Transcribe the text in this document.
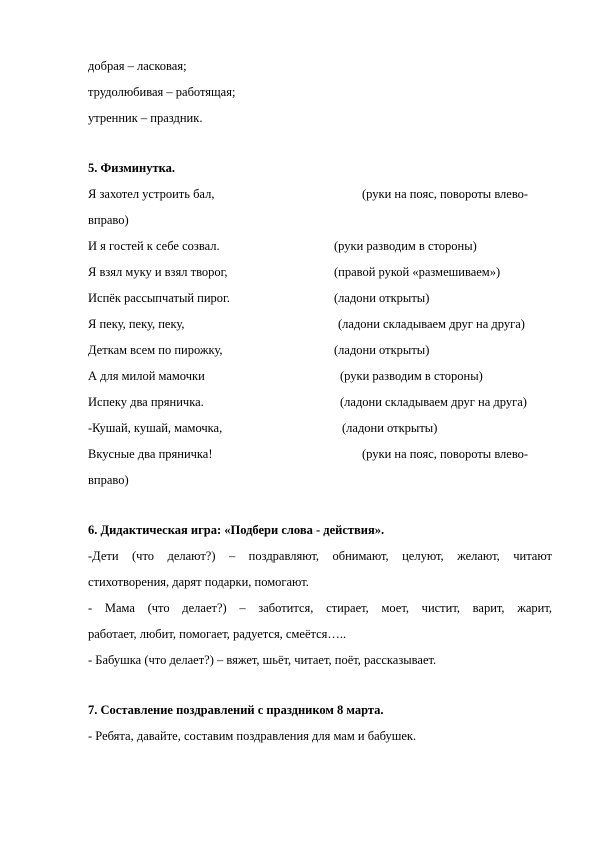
добрая – ласковая;
трудолюбивая – работящая;
утренник – праздник.
5. Физминутка.
Я захотел устроить бал,	(руки на пояс, повороты влево-
вправо)
И я гостей к себе созвал.	(руки разводим в стороны)
Я взял муку и взял творог,	(правой рукой «размешиваем»)
Испёк рассыпчатый пирог.	(ладони открыты)
Я пеку, пеку, пеку,	(ладони складываем друг на друга)
Деткам всем по пирожку,	(ладони открыты)
А для милой мамочки	(руки разводим в стороны)
Испеку два пряничка.	(ладони складываем друг на друга)
-Кушай, кушай, мамочка,	(ладони открыты)
Вкусные два пряничка!	(руки на пояс, повороты влево-
вправо)
6. Дидактическая игра: «Подбери слова - действия».
-Дети (что делают?) – поздравляют, обнимают, целуют, желают, читают
стихотворения, дарят подарки, помогают.
- Мама (что делает?) – заботится, стирает, моет, чистит, варит, жарит,
работает, любит, помогает, радуется, смеётся…..
- Бабушка (что делает?) – вяжет, шьёт, читает, поёт, рассказывает.
7. Составление поздравлений с праздником 8 марта.
- Ребята, давайте, составим поздравления для мам и бабушек.
